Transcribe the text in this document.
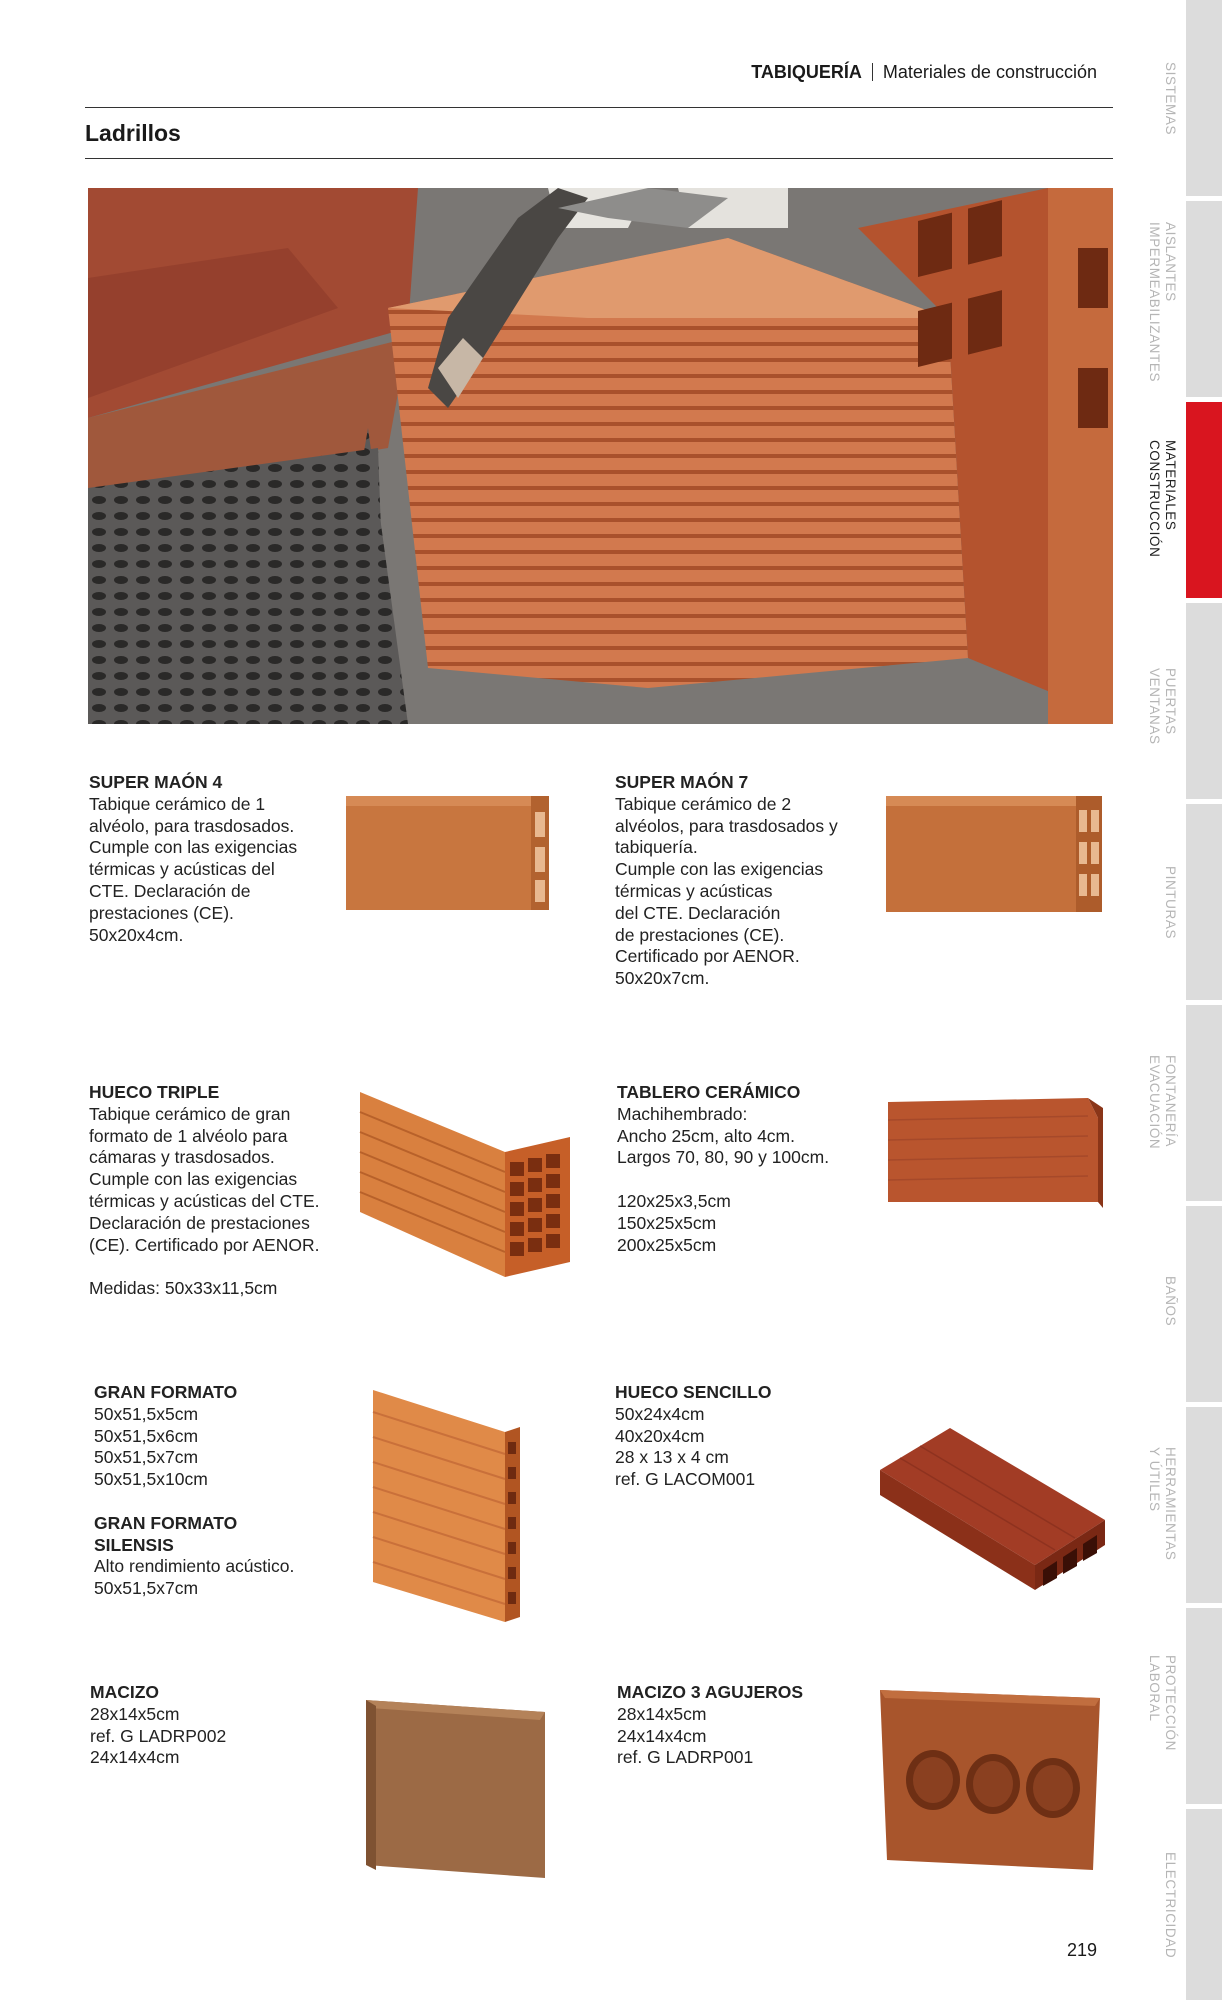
TABIQUERÍA Materiales de construcción
Ladrillos
SUPER MAÓN 4
Tabique cerámico de 1
alvéolo, para trasdosados.
Cumple con las exigencias
térmicas y acústicas del
CTE. Declaración de
prestaciones (CE).
50x20x4cm.
SUPER MAÓN 7
Tabique cerámico de 2
alvéolos, para trasdosados y
tabiquería.
Cumple con las exigencias
térmicas y acústicas
del CTE. Declaración
de prestaciones (CE).
Certificado por AENOR.
50x20x7cm.
HUECO TRIPLE
Tabique cerámico de gran
formato de 1 alvéolo para
cámaras y trasdosados.
Cumple con las exigencias
térmicas y acústicas del CTE.
Declaración de prestaciones
(CE). Certificado por AENOR.
Medidas: 50x33x11,5cm
TABLERO CERÁMICO
Machihembrado:
Ancho 25cm, alto 4cm.
Largos 70, 80, 90 y 100cm.
120x25x3,5cm
150x25x5cm
200x25x5cm
GRAN FORMATO
50x51,5x5cm
50x51,5x6cm
50x51,5x7cm
50x51,5x10cm
GRAN FORMATO
SILENSIS
Alto rendimiento acústico.
50x51,5x7cm
HUECO SENCILLO
50x24x4cm
40x20x4cm
28 x 13 x 4 cm
ref. G LACOM001
MACIZO
28x14x5cm
ref. G LADRP002
24x14x4cm
MACIZO 3 AGUJEROS
28x14x5cm
24x14x4cm
ref. G LADRP001
SISTEMAS
AISLANTES
IMPERMEABILIZANTES
MATERIALES
CONSTRUCCIÓN
PUERTAS
VENTANAS
PINTURAS
FONTANERÍA
EVACUACIÓN
BAÑOS
HERRAMIENTAS
Y ÚTILES
PROTECCIÓN
LABORAL
ELECTRICIDAD
219
